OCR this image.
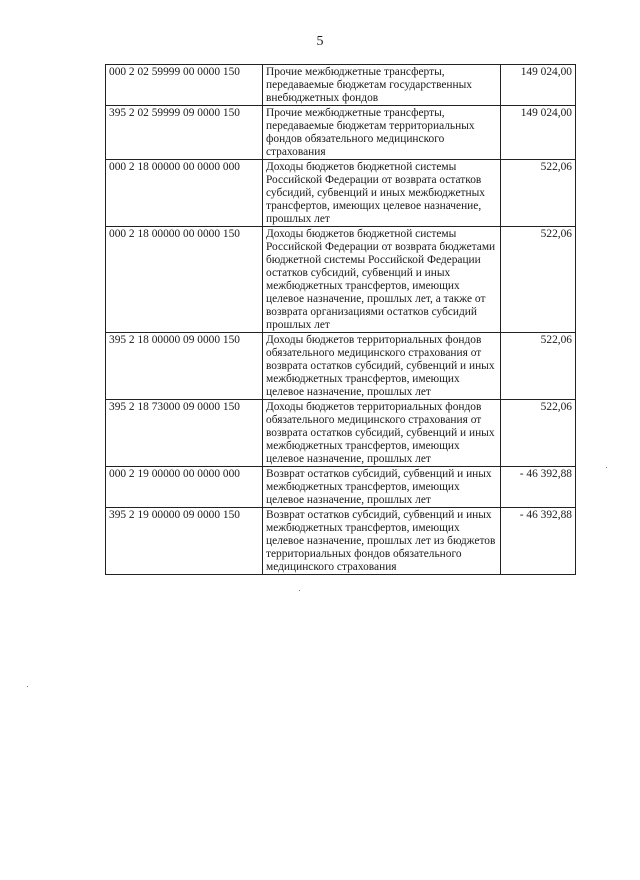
5
000 2 02 59999 00 0000 150	Прочие межбюджетные трансферты, передаваемые бюджетам государственных внебюджетных фондов	149 024,00
395 2 02 59999 09 0000 150	Прочие межбюджетные трансферты, передаваемые бюджетам территориальных фондов обязательного медицинского страхования	149 024,00
000 2 18 00000 00 0000 000	Доходы бюджетов бюджетной системы Российской Федерации от возврата остатков субсидий, субвенций и иных межбюджетных трансфертов, имеющих целевое назначение, прошлых лет	522,06
000 2 18 00000 00 0000 150	Доходы бюджетов бюджетной системы Российской Федерации от возврата бюджетами бюджетной системы Российской Федерации остатков субсидий, субвенций и иных межбюджетных трансфертов, имеющих целевое назначение, прошлых лет, а также от возврата организациями остатков субсидий прошлых лет	522,06
395 2 18 00000 09 0000 150	Доходы бюджетов территориальных фондов обязательного медицинского страхования от возврата остатков субсидий, субвенций и иных межбюджетных трансфертов, имеющих целевое назначение, прошлых лет	522,06
395 2 18 73000 09 0000 150	Доходы бюджетов территориальных фондов обязательного медицинского страхования от возврата остатков субсидий, субвенций и иных межбюджетных трансфертов, имеющих целевое назначение, прошлых лет	522,06
000 2 19 00000 00 0000 000	Возврат остатков субсидий, субвенций и иных межбюджетных трансфертов, имеющих целевое назначение, прошлых лет	- 46 392,88
395 2 19 00000 09 0000 150	Возврат остатков субсидий, субвенций и иных межбюджетных трансфертов, имеющих целевое назначение, прошлых лет из бюджетов территориальных фондов обязательного медицинского страхования	- 46 392,88
